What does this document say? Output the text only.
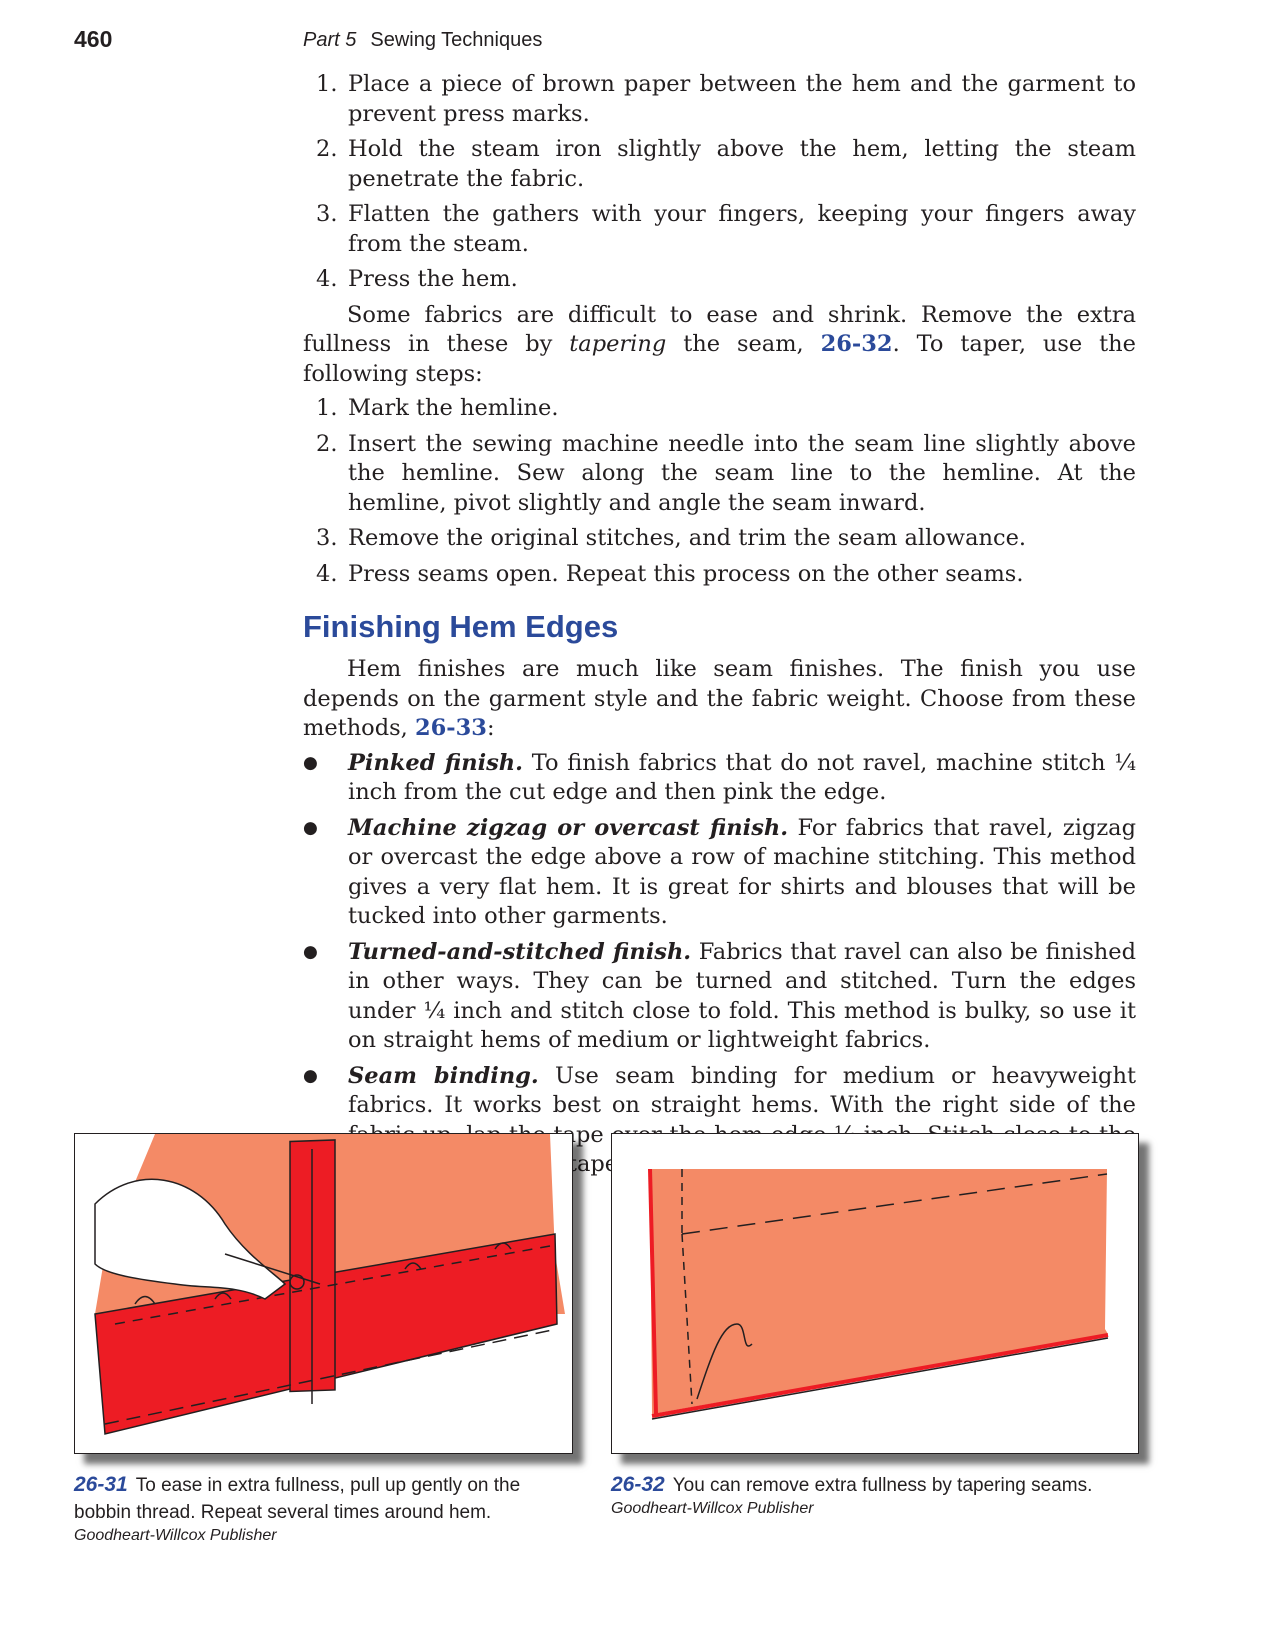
460	Part 5 Sewing Techniques
1. Place a piece of brown paper between the hem and the garment to prevent press marks.
2. Hold the steam iron slightly above the hem, letting the steam penetrate the fabric.
3. Flatten the gathers with your fingers, keeping your fingers away from the steam.
4. Press the hem.

Some fabrics are difficult to ease and shrink. Remove the extra fullness in these by tapering the seam, 26-32. To taper, use the following steps:

1. Mark the hemline.
2. Insert the sewing machine needle into the seam line slightly above the hemline. Sew along the seam line to the hemline. At the hemline, pivot slightly and angle the seam inward.
3. Remove the original stitches, and trim the seam allowance.
4. Press seams open. Repeat this process on the other seams.
Finishing Hem Edges

Hem finishes are much like seam finishes. The finish you use depends on the garment style and the fabric weight. Choose from these methods, 26-33:

● Pinked finish. To finish fabrics that do not ravel, machine stitch ¼ inch from the cut edge and then pink the edge.
● Machine zigzag or overcast finish. For fabrics that ravel, zigzag or overcast the edge above a row of machine stitching. This method gives a very flat hem. It is great for shirts and blouses that will be tucked into other garments.
● Turned-and-stitched finish. Fabrics that ravel can also be finished in other ways. They can be turned and stitched. Turn the edges under ¼ inch and stitch close to fold. This method is bulky, so use it on straight hems of medium or lightweight fabrics.
● Seam binding. Use seam binding for medium or heavyweight fabrics. It works best on straight hems. With the right side of the tape tape.
26-31 To ease in extra fullness, pull up gently on the bobbin thread. Repeat several times around hem.
Goodheart-Willcox Publisher
26-32 You can remove extra fullness by tapering seams.
Goodheart-Willcox Publisher
